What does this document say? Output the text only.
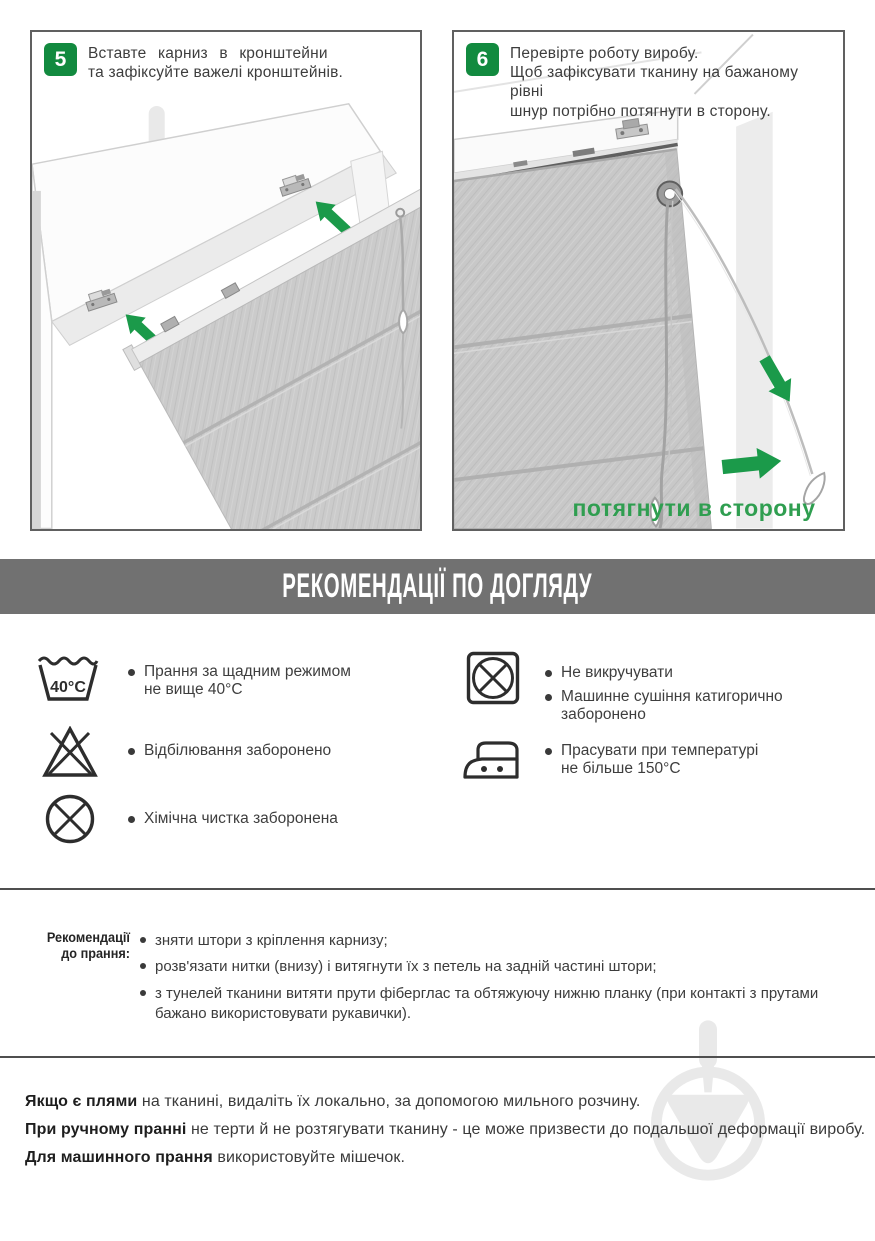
5	Вставте карниз в кронштейни
та зафіксуйте важелі кронштейнів.
6	Перевірте роботу виробу.
Щоб зафіксувати тканину на бажаному рівні
шнур потрібно потягнути в сторону.
потягнути в сторону
РЕКОМЕНДАЦІЇ ПО ДОГЛЯДУ
40°C
Прання за щадним режимом
не вище 40°С
Відбілювання заборонено
Хімічна чистка заборонена
Не викручувати
Машинне сушіння катигорично
заборонено
Прасувати при температурі
не більше 150°С
Рекомендації
до прання:
зняти штори з кріплення карнизу;
розв'язати нитки (внизу) і витягнути їх з петель на задній частині штори;
з тунелей тканини витяти прути фіберглас та обтяжуючу нижню планку (при контакті з прутами бажано використовувати рукавички).
Якщо є плями на тканині, видаліть їх локально, за допомогою мильного розчину.
При ручному пранні не терти й не розтягувати тканину - це може призвести до подальшої деформації виробу.
Для машинного прання використовуйте мішечок.
